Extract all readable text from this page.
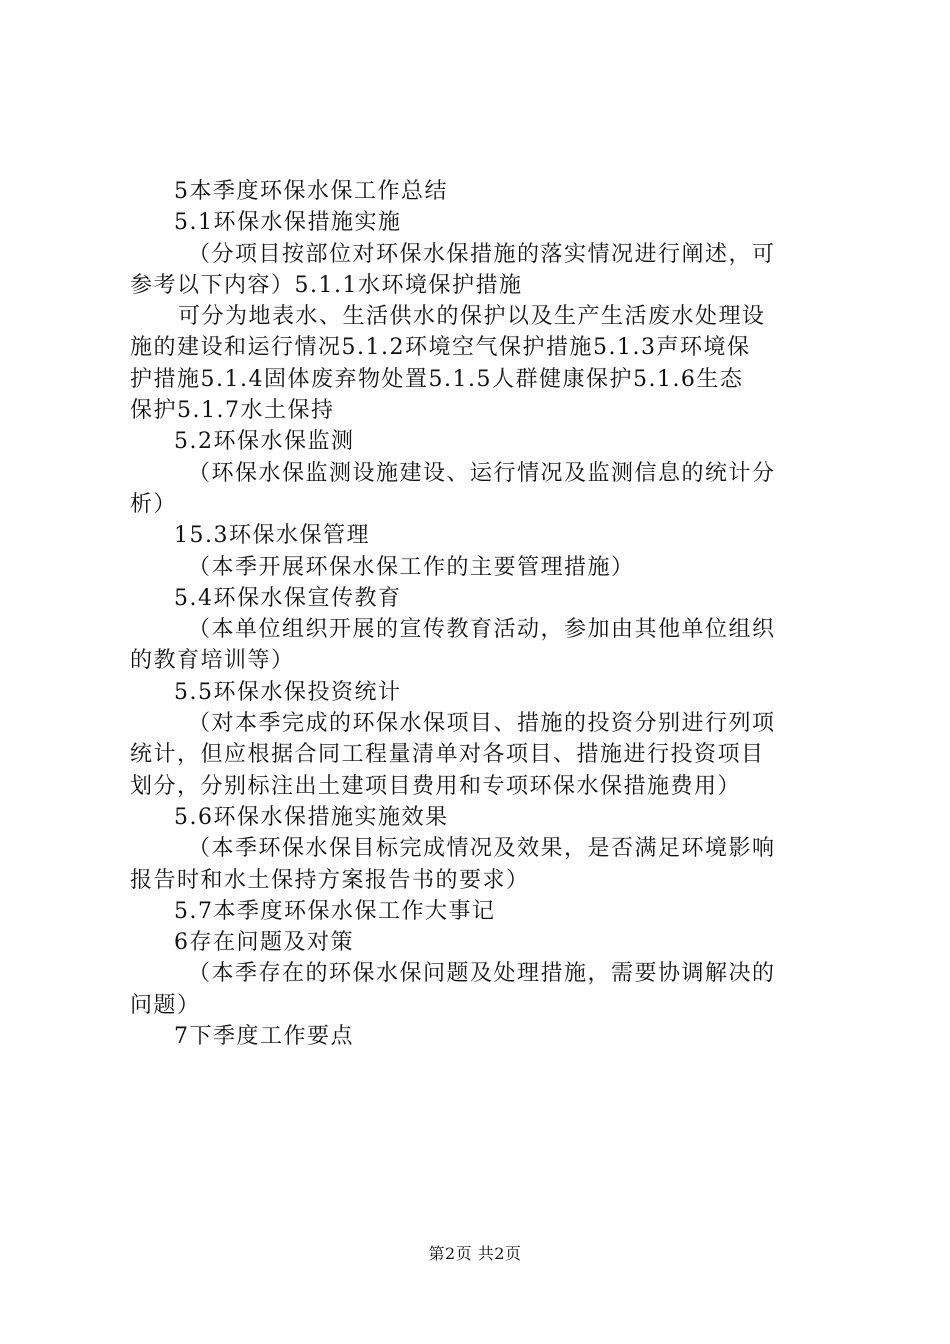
5本季度环保水保工作总结

5.1环保水保措施实施

（分项目按部位对环保水保措施的落实情况进行阐述，可

参考以下内容）5.1.1水环境保护措施

可分为地表水、生活供水的保护以及生产生活废水处理设

施的建设和运行情况5.1.2环境空气保护措施5.1.3声环境保

护措施5.1.4固体废弃物处置5.1.5人群健康保护5.1.6生态

保护5.1.7水土保持

5.2环保水保监测

（环保水保监测设施建设、运行情况及监测信息的统计分

析）

15.3环保水保管理

（本季开展环保水保工作的主要管理措施）

5.4环保水保宣传教育

（本单位组织开展的宣传教育活动，参加由其他单位组织

的教育培训等）

5.5环保水保投资统计

（对本季完成的环保水保项目、措施的投资分别进行列项

统计，但应根据合同工程量清单对各项目、措施进行投资项目

划分，分别标注出土建项目费用和专项环保水保措施费用）

5.6环保水保措施实施效果

（本季环保水保目标完成情况及效果，是否满足环境影响

报告时和水土保持方案报告书的要求）

5.7本季度环保水保工作大事记

6存在问题及对策

（本季存在的环保水保问题及处理措施，需要协调解决的

问题）

7下季度工作要点

第2页 共2页
